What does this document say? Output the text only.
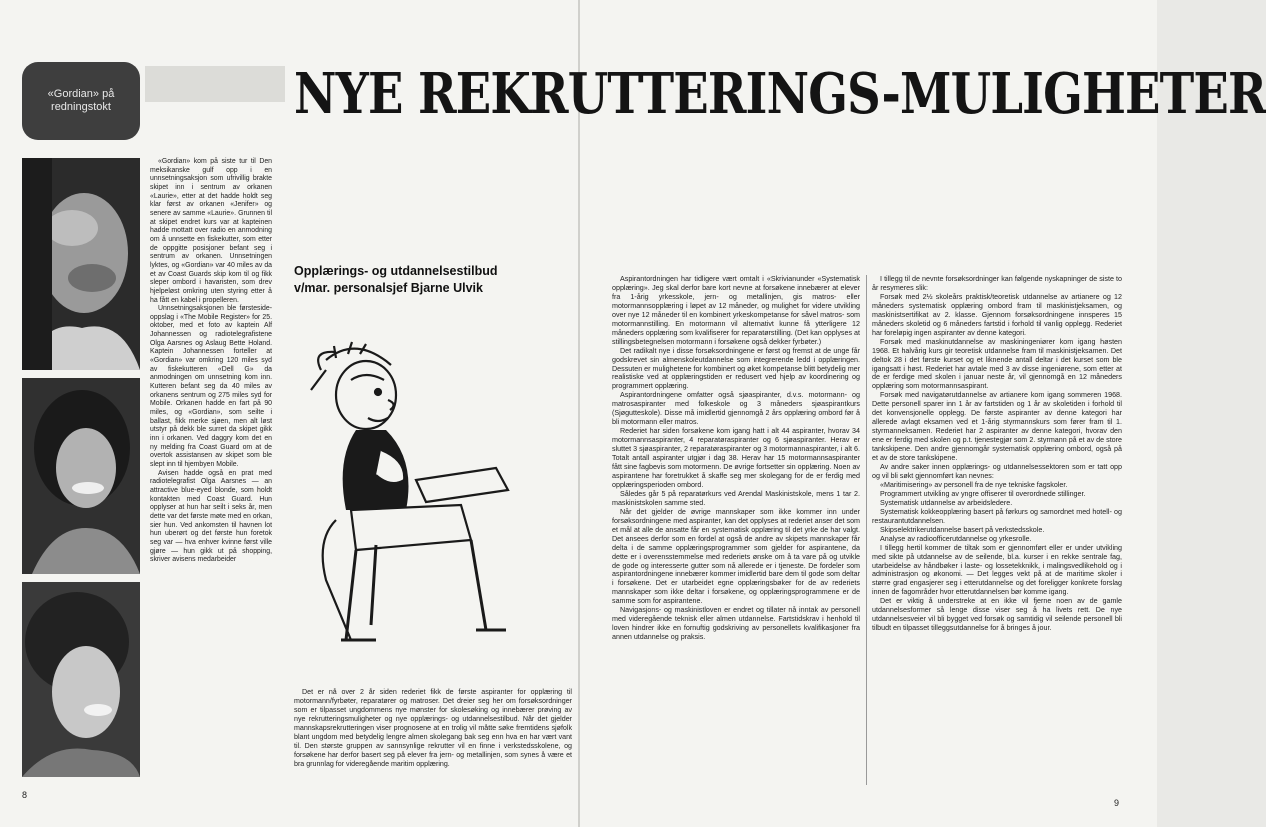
«Gordian» på redningstokt

«Gordian» kom på siste tur til Den meksikanske gulf opp i en unnsetningsaksjon som ufrivillig brakte skipet inn i sentrum av orkanen «Laurie», etter at det hadde holdt seg klar først av orkanen «Jenifer» og senere av samme «Laurie». Grunnen til at skipet endret kurs var at kapteinen hadde mottatt over radio en anmodning om å unnsette en fiskekutter, som etter de oppgitte posisjoner befant seg i sentrum av orkanen. Unnsetningen lyktes, og «Gordian» var 40 miles av da et av Coast Guards skip kom til og fikk sleper ombord i havaristen, som drev hjelpeløst omkring uten styring etter å ha fått en kabel i propelleren.

Unnsetningsaksjonen ble førsteside-oppslag i «The Mobile Register» for 25. oktober, med et foto av kaptein Alf Johannessen og radiotelegrafistene Olga Aarsnes og Aslaug Bette Holand. Kaptein Johannessen forteller at «Gordian» var omkring 120 miles syd av fiskekutteren «Dell G» da anmodningen om unnsetning kom inn. Kutteren befant seg da 40 miles av orkanens sentrum og 275 miles syd for Mobile. Orkanen hadde en fart på 90 miles, og «Gordian», som seilte i ballast, fikk merke sjøen, men alt løst utstyr på dekk ble surret da skipet gikk inn i orkanen. Ved daggry kom det en ny melding fra Coast Guard om at de overtok assistansen av skipet som ble slept inn til hjembyen Mobile.

Avisen hadde også en prat med radiotelegrafist Olga Aarsnes — an attractive blue-eyed blonde, som holdt kontakten med Coast Guard. Hun opplyser at hun har seilt i seks år, men dette var det første møte med en orkan, sier hun. Ved ankomsten til havnen lot hun uberørt og det første hun foretok seg var — hva enhver kvinne først ville gjøre — hun gikk ut på shopping, skriver avisens medarbeider

Opplærings- og utdannelsestilbud
v/mar. personalsjef Bjarne Ulvik

Det er nå over 2 år siden rederiet fikk de første aspiranter for opplæring til motormann/fyrbøter, reparatører og matroser. Det dreier seg her om forsøksordninger som er tilpasset ungdommens nye mønster for skolesøking og innebærer prøving av nye rekrutteringsmuligheter og nye opplærings- og utdannelsestilbud. Når det gjelder mannskapsrekrutteringen viser prognosene at en trolig vil måtte søke fremtidens sjøfolk blant ungdom med betydelig lengre almen skolegang bak seg enn hva en har vært vant til. Den største gruppen av sannsynlige rekrutter vil en finne i verkstedsskolene, og forsøkene har derfor basert seg på elever fra jern- og metallinjen, som synes å være et bra grunnlag for videregående maritim opplæring.

8
NYE REKRUTTERINGS-MULIGHETER

Aspirantordningen har tidligere vært omtalt i «Skrivianunder «Systematisk opplæring». Jeg skal derfor bare kort nevne at forsøkene innebærer at elever fra 1-årig yrkesskole, jern- og metallinjen, gis matros- eller motormannsopplæring i løpet av 12 måneder, og mulighet for videre utvikling over nye 12 måneder til en kombinert yrkeskompetanse for såvel matros- som motormannstilling. En motormann vil alternativt kunne få ytterligere 12 måneders opplæring som kvalifiserer for reparatørstilling. (Det kan opplyses at stillingsbetegnelsen motormann i forsøkene også dekker fyrbøter.)

Det radikalt nye i disse forsøksordningene er først og fremst at de unge får godskrevet sin almenskoleutdannelse som integrerende ledd i opplæringen. Dessuten er mulighetene for kombinert og øket kompetanse blitt betydelig mer realistiske ved at opplæringstiden er redusert ved hjelp av koordinering og programmert opplæring.

Aspirantordningene omfatter også sjøaspiranter, d.v.s. motormann- og matrosaspiranter med folkeskole og 3 måneders sjøaspirantkurs (Sjøgutteskole). Disse må imidlertid gjennomgå 2 års opplæring ombord før å bli motormann eller matros.

Rederiet har siden forsøkene kom igang hatt i alt 44 aspiranter, hvorav 34 motormannsaspiranter, 4 reparatøraspiranter og 6 sjøaspiranter. Herav er sluttet 3 sjøaspiranter, 2 reparatøraspiranter og 3 motormannaspiranter, i alt 6. Totalt antall aspiranter utgjør i dag 38. Herav har 15 motormannsaspiranter fått sine fagbevis som motormenn. De øvrige fortsetter sin opplæring. Noen av aspirantene har foretrukket å skaffe seg mer skolegang for de er ferdig med opplæringsperioden ombord.

Således går 5 på reparatørkurs ved Arendal Maskinistskole, mens 1 tar 2. maskinistskolen samme sted.

Når det gjelder de øvrige mannskaper som ikke kommer inn under forsøksordningene med aspiranter, kan det opplyses at rederiet anser det som et mål at alle de ansatte får en systematisk opplæring til det yrke de har valgt. Det ansees derfor som en fordel at også de andre av skipets mannskaper får delta i de samme opplæringsprogrammer som gjelder for aspirantene, da dette er i overensstemmelse med rederiets ønske om å ta vare på og utvikle de gode og interesserte gutter som nå allerede er i tjeneste. De fordeler som aspirantordningene innebærer kommer imidlertid bare dem til gode som deltar i forsøkene. Det er utarbeidet egne opplæringsbøker for de av rederiets mannskaper som ikke deltar i forsøkene, og opplæringsprogrammene er de samme som for aspirantene.

Navigasjons- og maskinistloven er endret og tillater nå inntak av personell med videregående teknisk eller almen utdannelse. Fartstidskrav i henhold til loven hindrer ikke en fornuftig godskriving av personellets kvalifikasjoner fra annen utdannelse og praksis.

I tillegg til de nevnte forsøksordninger kan følgende nyskapninger de siste to år resymeres slik:

Forsøk med 2½ skoleårs praktisk/teoretisk utdannelse av artianere og 12 måneders systematisk opplæring ombord fram til maskinistjeksamen, og maskinistsertifikat av 2. klasse. Gjennom forsøksordningene innsperes 15 måneders skoletid og 6 måneders fartstid i forhold til vanlig opplegg. Rederiet har foreløpig ingen aspiranter av denne kategori.

Forsøk med maskinutdannelse av maskiningeniører kom igang høsten 1968. Et halvårig kurs gir teoretisk utdannelse fram til maskinistjeksamen. Det deltok 28 i det første kurset og et liknende antall deltar i det kurset som ble igangsatt i høst. Rederiet har avtale med 3 av disse ingeniørene, som etter at de er ferdige med skolen i januar neste år, vil gjennomgå en 12 måneders opplæring som motormannsaspirant.

Forsøk med navigatørutdannelse av artianere kom igang sommeren 1968. Dette personell sparer inn 1 år av fartstiden og 1 år av skoletiden i forhold til det konvensjonelle opplegg. De første aspiranter av denne kategori har allerede avlagt eksamen ved et 1-årig styrmannskurs som fører fram til 1. styrmanneksamen. Rederiet har 2 aspiranter av denne kategori, hvorav den ene er ferdig med skolen og p.t. tjenestegjør som 2. styrmann på et av de store tankskipene. Den andre gjennomgår systematisk opplæring ombord, også på et av de store tankskipene.

Av andre saker innen opplærings- og utdannelsessektoren som er tatt opp og vil bli søkt gjennomført kan nevnes:

«Maritimisering» av personell fra de nye tekniske fagskoler.

Programmert utvikling av yngre offiserer til overordnede stillinger.

Systematisk utdannelse av arbeidsledere.

Systematisk kokkeopplæring basert på førkurs og samordnet med hotell- og restaurantutdannelsen.

Skipselektrikerutdannelse basert på verkstedsskole.

Analyse av radioofficerutdannelse og yrkesrolle.

I tillegg hertil kommer de tiltak som er gjennomført eller er under utvikling med sikte på utdannelse av de seilende, bl.a. kurser i en rekke sentrale fag, utarbeidelse av håndbøker i laste- og lossetekknikk, i malingsvedlikehold og i administrasjon og økonomi. — Det legges vekt på at de maritime skoler i større grad engasjerer seg i etterutdannelse og det foreligger konkrete forslag innen de fagområder hvor etterutdannelsen bør komme igang.

Det er viktig å understreke at en ikke vil fjerne noen av de gamle utdannelsesformer så lenge disse viser seg å ha livets rett. De nye utdannelsesveier vil bli bygget ved forsøk og samtidig vil seilende personell bli tilbudt en tilpasset tilleggsutdannelse for å bringes å jour.

9
